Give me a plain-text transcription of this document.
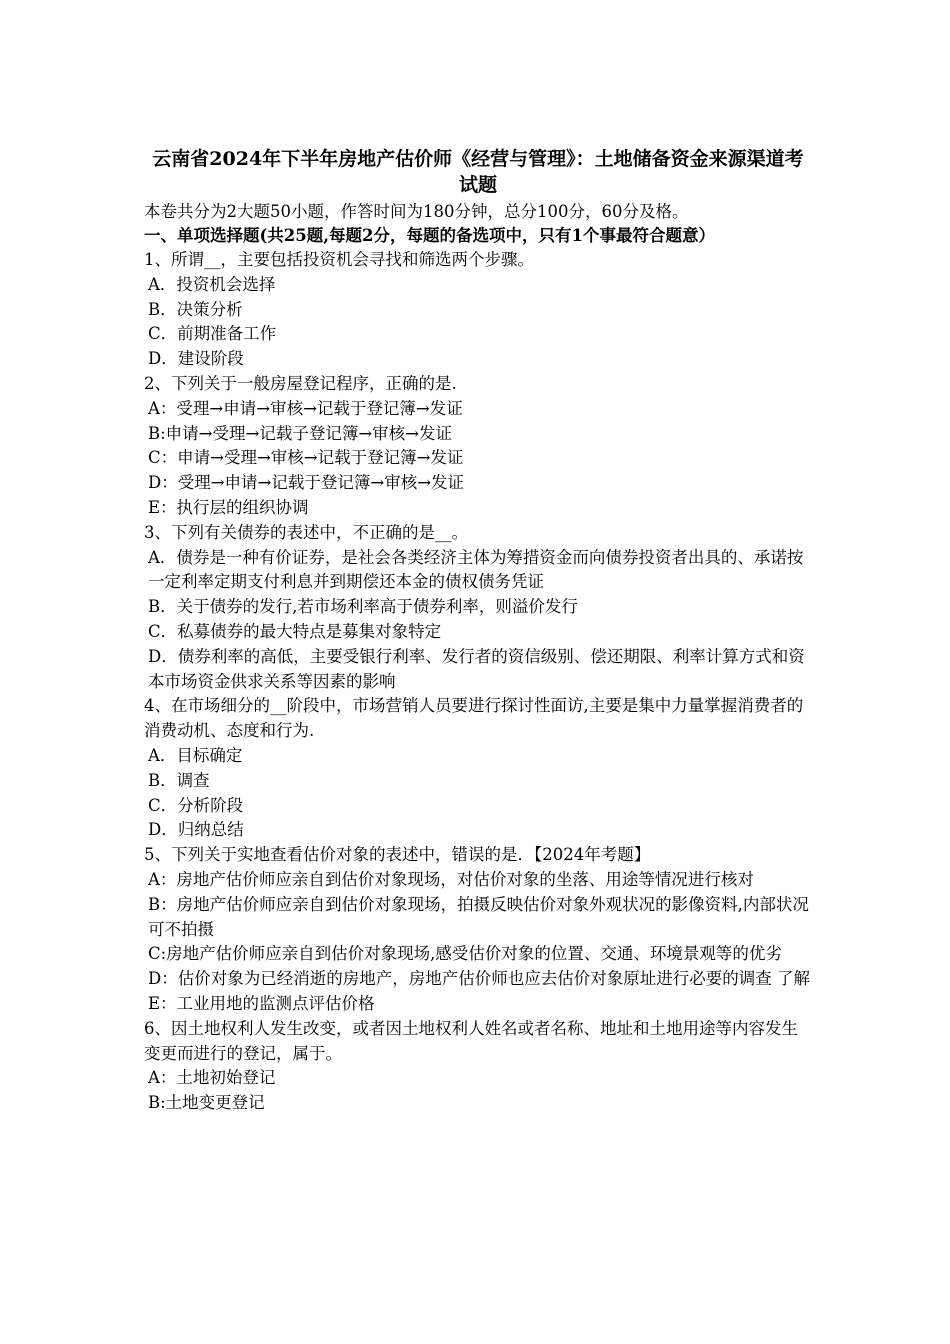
云南省2024年下半年房地产估价师《经营与管理》：土地储备资金来源渠道考试题
本卷共分为2大题50小题，作答时间为180分钟，总分100分，60分及格。
一、单项选择题(共25题,每题2分，每题的备选项中，只有1个事最符合题意）
1、所谓__，主要包括投资机会寻找和筛选两个步骤。
A．投资机会选择
B．决策分析
C．前期准备工作
D．建设阶段
2、下列关于一般房屋登记程序，正确的是.
A：受理→申请→审核→记载于登记簿→发证
B:申请→受理→记载子登记簿→审核→发证
C：申请→受理→审核→记载于登记簿→发证
D：受理→申请→记载于登记簿→审核→发证
E：执行层的组织协调
3、下列有关债券的表述中，不正确的是__。
A．债券是一种有价证券，是社会各类经济主体为筹措资金而向债券投资者出具的、承诺按一定利率定期支付利息并到期偿还本金的债权债务凭证
B．关于债券的发行,若市场利率高于债券利率，则溢价发行
C．私募债券的最大特点是募集对象特定
D．债券利率的高低，主要受银行利率、发行者的资信级别、偿还期限、利率计算方式和资本市场资金供求关系等因素的影响
4、在市场细分的__阶段中，市场营销人员要进行探讨性面访,主要是集中力量掌握消费者的消费动机、态度和行为.
A．目标确定
B．调查
C．分析阶段
D．归纳总结
5、下列关于实地查看估价对象的表述中，错误的是．【2024年考题】
A：房地产估价师应亲自到估价对象现场，对估价对象的坐落、用途等情况进行核对
B：房地产估价师应亲自到估价对象现场，拍摄反映估价对象外观状况的影像资料,内部状况可不拍摄
C:房地产估价师应亲自到估价对象现场,感受估价对象的位置、交通、环境景观等的优劣
D：估价对象为已经消逝的房地产，房地产估价师也应去估价对象原址进行必要的调查 了解
E：工业用地的监测点评估价格
6、因土地权利人发生改变，或者因土地权利人姓名或者名称、地址和土地用途等内容发生变更而进行的登记，属于。
A：土地初始登记
B:土地变更登记
